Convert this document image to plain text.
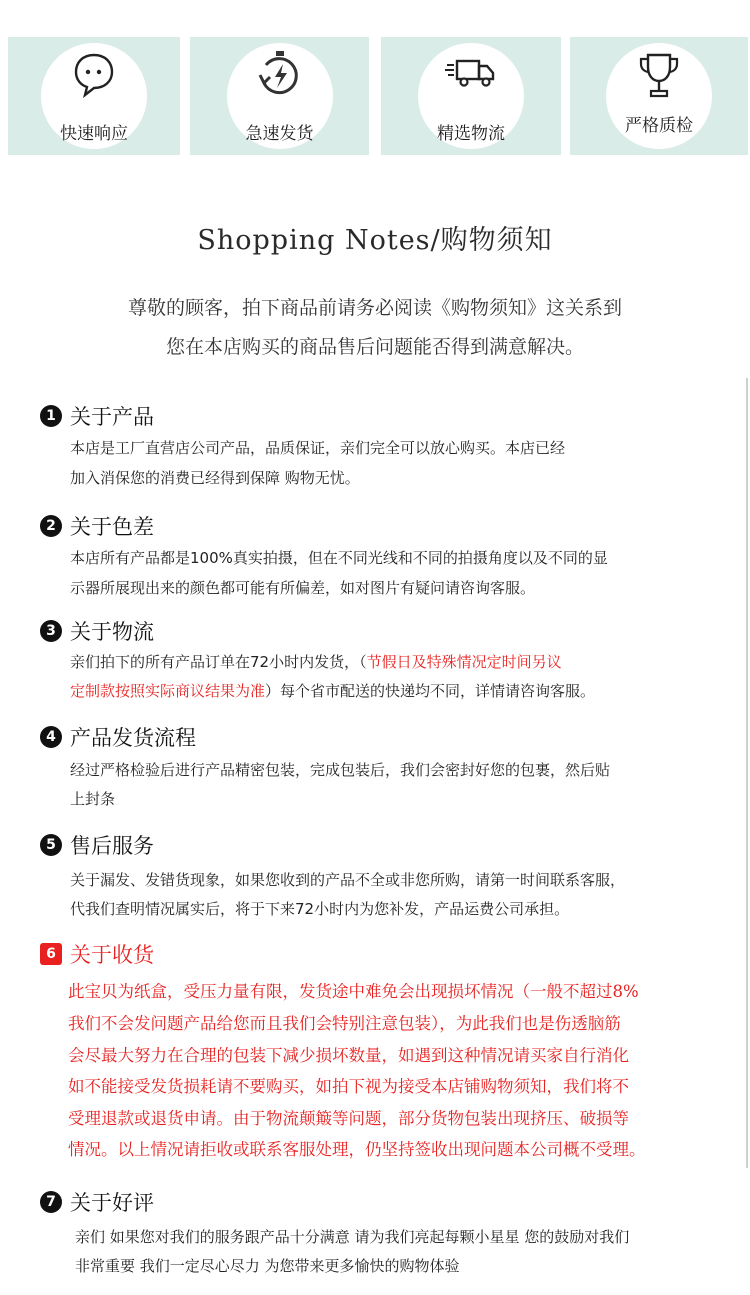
快速响应	急速发货	精选物流	严格质检
Shopping Notes/购物须知
尊敬的顾客，拍下商品前请务必阅读《购物须知》这关系到
您在本店购买的商品售后问题能否得到满意解决。
1 关于产品
本店是工厂直营店公司产品，品质保证，亲们完全可以放心购买。本店已经
加入消保您的消费已经得到保障 购物无忧。
2 关于色差
本店所有产品都是100%真实拍摄，但在不同光线和不同的拍摄角度以及不同的显
示器所展现出来的颜色都可能有所偏差，如对图片有疑问请咨询客服。
3 关于物流
亲们拍下的所有产品订单在72小时内发货，（节假日及特殊情况定时间另议
定制款按照实际商议结果为准）每个省市配送的快递均不同，详情请咨询客服。
4 产品发货流程
经过严格检验后进行产品精密包装，完成包装后，我们会密封好您的包裹，然后贴
上封条
5 售后服务
关于漏发、发错货现象，如果您收到的产品不全或非您所购，请第一时间联系客服，
代我们查明情况属实后，将于下来72小时内为您补发，产品运费公司承担。
6 关于收货
此宝贝为纸盒，受压力量有限，发货途中难免会出现损坏情况（一般不超过8%
我们不会发问题产品给您而且我们会特别注意包装），为此我们也是伤透脑筋
会尽最大努力在合理的包装下减少损坏数量，如遇到这种情况请买家自行消化
如不能接受发货损耗请不要购买，如拍下视为接受本店铺购物须知，我们将不
受理退款或退货申请。由于物流颠簸等问题，部分货物包装出现挤压、破损等
情况。以上情况请拒收或联系客服处理，仍坚持签收出现问题本公司概不受理。
7 关于好评
亲们 如果您对我们的服务跟产品十分满意 请为我们亮起每颗小星星 您的鼓励对我们
非常重要 我们一定尽心尽力 为您带来更多愉快的购物体验
